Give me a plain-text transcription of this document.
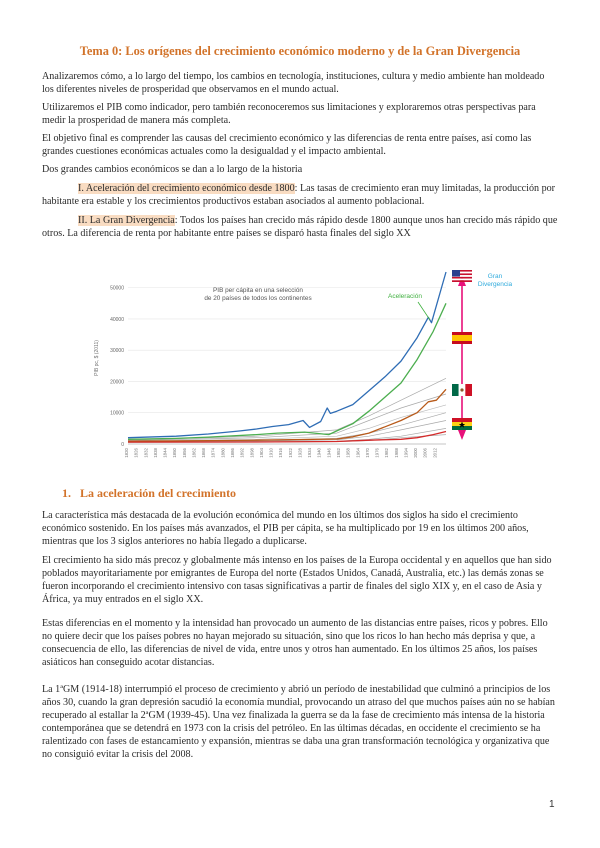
Tema 0: Los orígenes del crecimiento económico moderno y de la Gran Divergencia

Analizaremos cómo, a lo largo del tiempo, los cambios en tecnología, instituciones, cultura y medio ambiente han moldeado los diferentes niveles de prosperidad que observamos en el mundo actual.

Utilizaremos el PIB como indicador, pero también reconoceremos sus limitaciones y exploraremos otras perspectivas para medir la prosperidad de manera más completa.

El objetivo final es comprender las causas del crecimiento económico y las diferencias de renta entre países, así como las grandes cuestiones económicas actuales como la desigualdad y el impacto ambiental.

Dos grandes cambios económicos se dan a lo largo de la historia

I. Aceleración del crecimiento económico desde 1800: Las tasas de crecimiento eran muy limitadas, la producción por habitante era estable y los crecimientos productivos estaban asociados al aumento poblacional.

II. La Gran Divergencia: Todos los países han crecido más rápido desde 1800 aunque unos han crecido más rápido que otros. La diferencia de renta por habitante entre países se disparó hasta finales del siglo XX

0
10000
20000
30000
40000
50000
PIB pc, $ (2011)
1820 1826 1832 1838 1844 1850 1856 1862 1868 1874 1880 1886 1892 1898 1904 1910 1916 1922 1928 1934 1940 1946 1952 1958 1964 1970 1976 1982 1988 1994 2000 2006 2012
PIB per cápita en una selección
de 20 países de todos los continentes	Aceleración
Gran
Divergencia
1. La aceleración del crecimiento

La característica más destacada de la evolución económica del mundo en los últimos dos siglos ha sido el crecimiento económico sostenido. En los países más avanzados, el PIB per cápita, se ha multiplicado por 19 en los últimos 200 años, mientras que los 3 siglos anteriores no había llegado a duplicarse.

El crecimiento ha sido más precoz y globalmente más intenso en los países de la Europa occidental y en aquellos que han sido poblados mayoritariamente por emigrantes de Europa del norte (Estados Unidos, Canadá, Australia, etc.) las demás zonas se fueron incorporando el crecimiento intensivo con tasas significativas a partir de finales del siglo XIX y, en el caso de Asia y África, ya muy entrados en el siglo XX.

Estas diferencias en el momento y la intensidad han provocado un aumento de las distancias entre países, ricos y pobres. Ello no quiere decir que los países pobres no hayan mejorado su situación, sino que los ricos lo han hecho más deprisa y que, a consecuencia de ello, las diferencias de nivel de vida, entre unos y otros han aumentado. En los últimos 25 años, los países asiáticos han conseguido acotar distancias.

La 1ªGM (1914-18) interrumpió el proceso de crecimiento y abrió un período de inestabilidad que culminó a principios de los años 30, cuando la gran depresión sacudió la economía mundial, provocando un atraso del que muchos países aún no se habían recuperado al estallar la 2ªGM (1939-45). Una vez finalizada la guerra se da la fase de crecimiento más intensa de la historia contemporánea que se detendrá en 1973 con la crisis del petróleo. En las últimas décadas, en occidente el crecimiento se ha ralentizado con fases de estancamiento y expansión, mientras se daba una gran transformación tecnológica y organizativa que no consiguió evitar la crisis del 2008.

1
